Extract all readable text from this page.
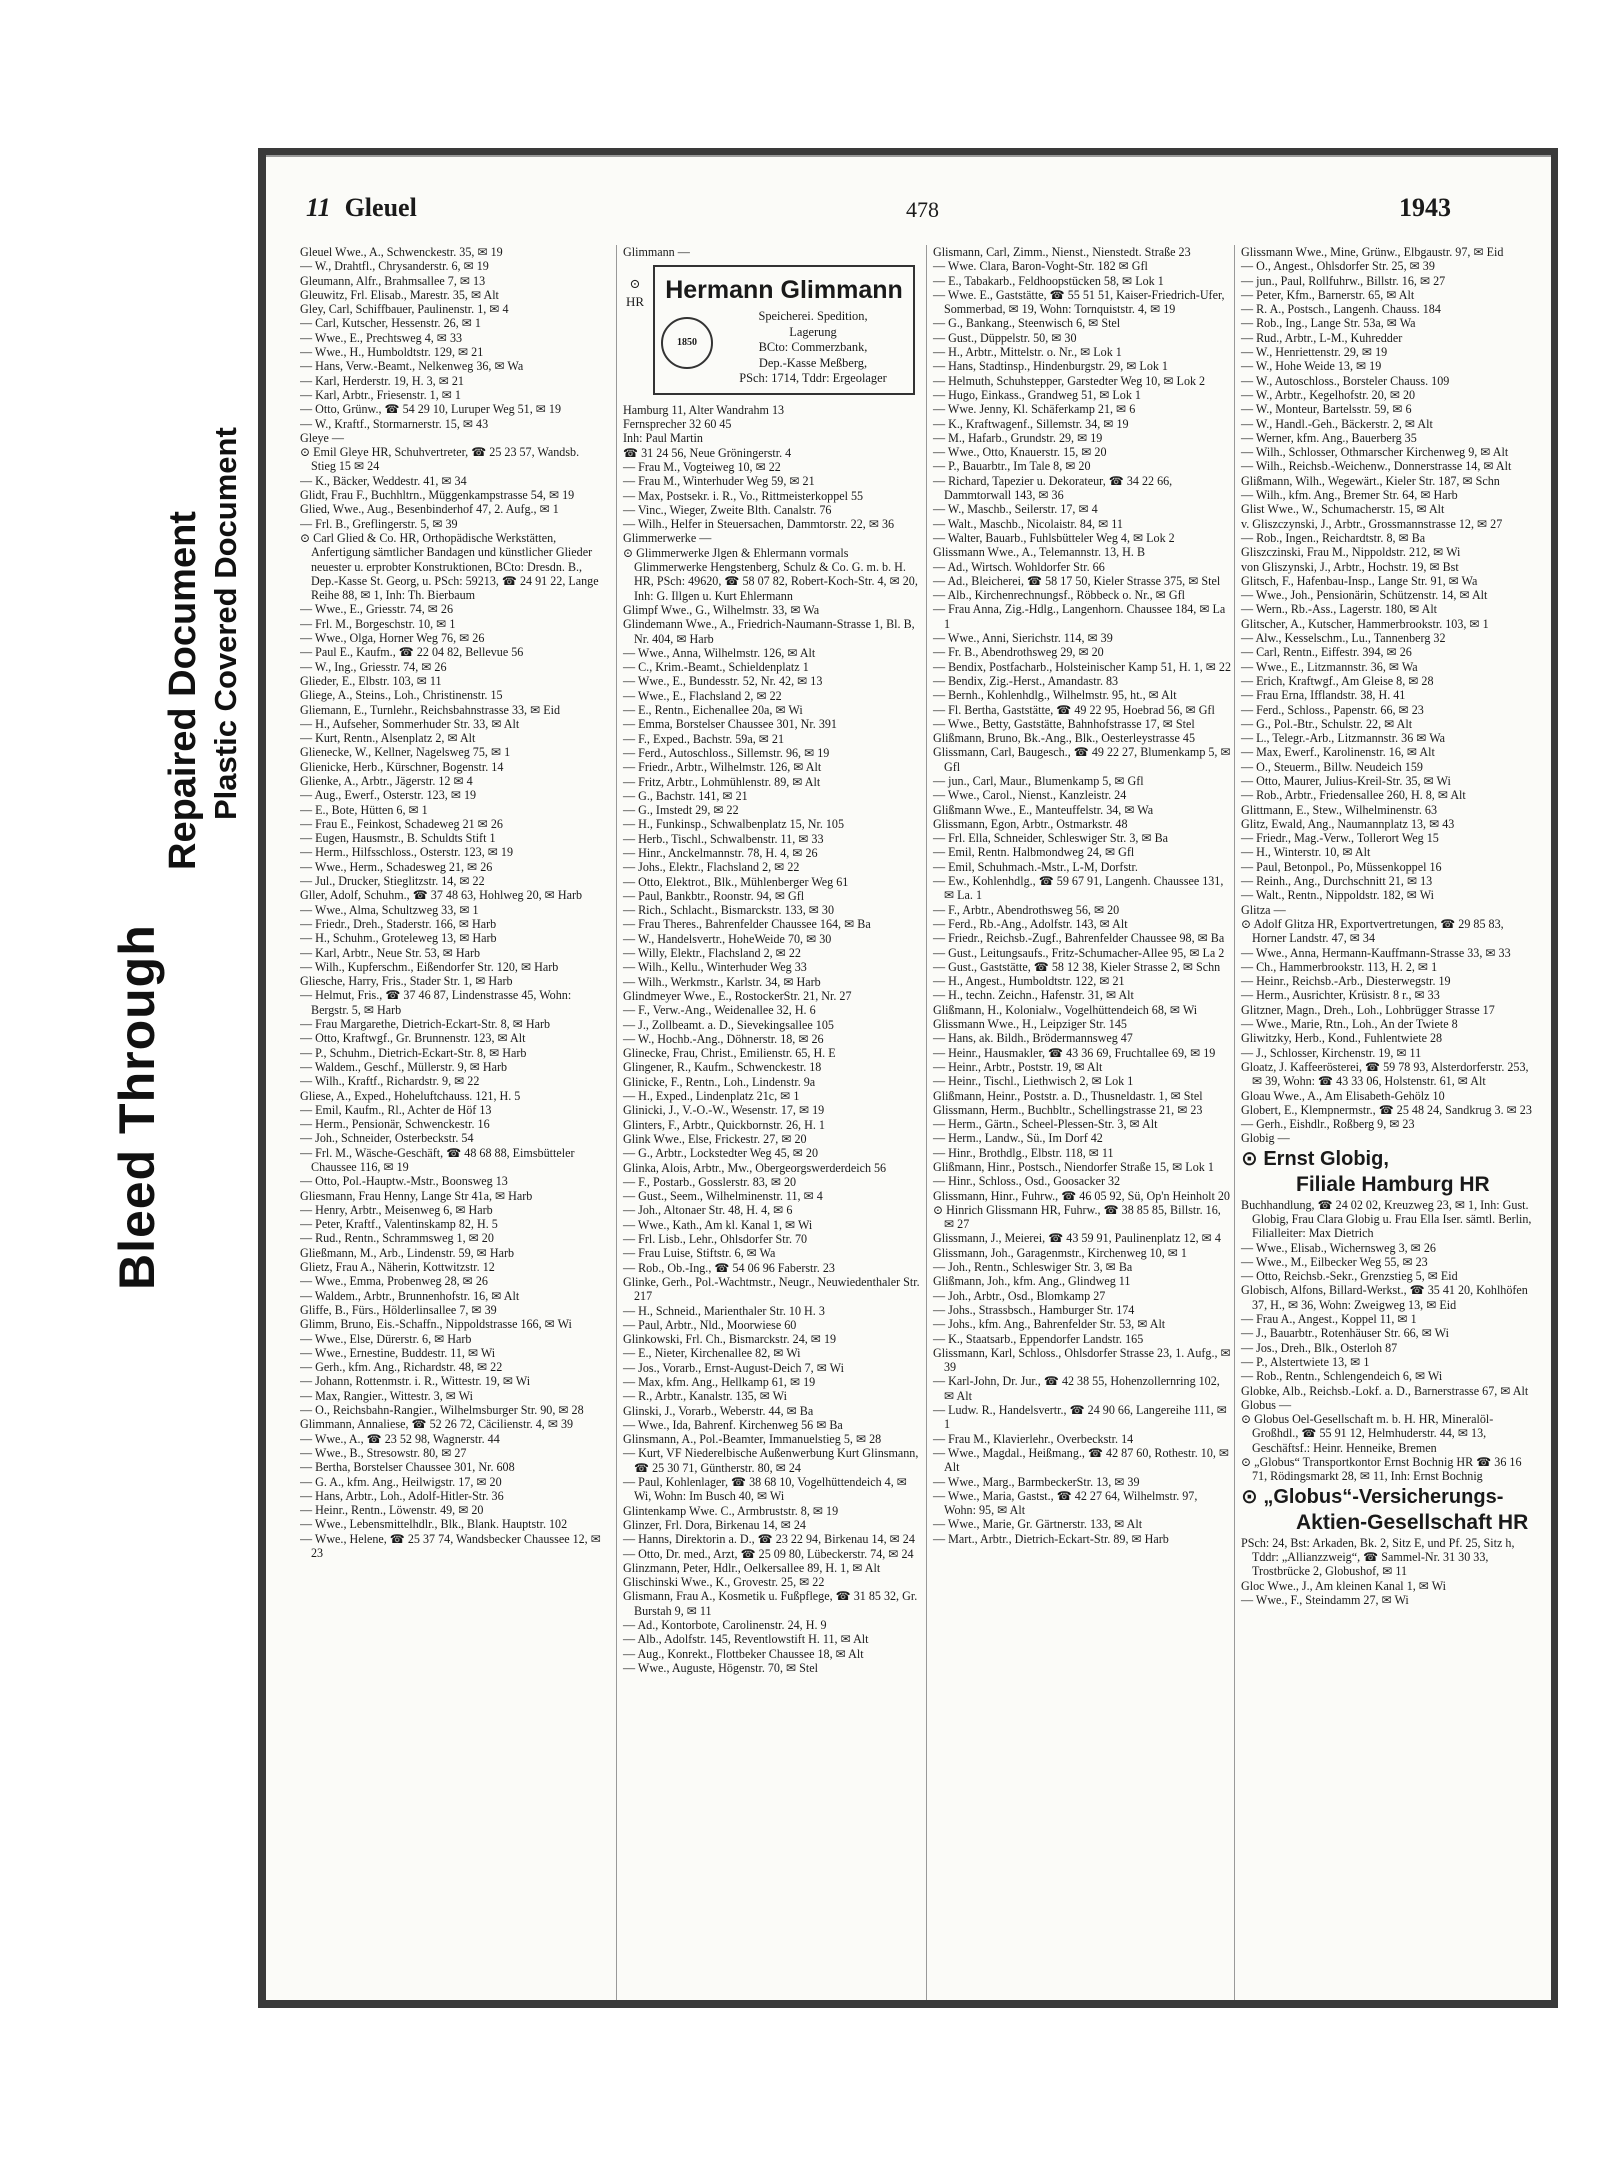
Bleed Through
Repaired Document Plastic Covered Document
11 Gleuel	478	1943

Gleuel Wwe., A., Schwenckestr. 35, ✉ 19

— W., Drahtfl., Chrysanderstr. 6, ✉ 19

Gleumann, Alfr., Brahmsallee 7, ✉ 13

Gleuwitz, Frl. Elisab., Marestr. 35, ✉ Alt

Gley, Carl, Schiffbauer, Paulinenstr. 1, ✉ 4

— Carl, Kutscher, Hessenstr. 26, ✉ 1

— Wwe., E., Prechtsweg 4, ✉ 33

— Wwe., H., Humboldtstr. 129, ✉ 21

— Hans, Verw.-Beamt., Nelkenweg 36, ✉ Wa

— Karl, Herderstr. 19, H. 3, ✉ 21

— Karl, Arbtr., Friesenstr. 1, ✉ 1

— Otto, Grünw., ☎ 54 29 10, Luruper Weg 51, ✉ 19

— W., Kraftf., Stormarnerstr. 15, ✉ 43

Gleye —

⊙ Emil Gleye HR, Schuhvertreter, ☎ 25 23 57, Wandsb. Stieg 15 ✉ 24

— K., Bäcker, Weddestr. 41, ✉ 34

Glidt, Frau F., Buchhltrn., Müggenkampstrasse 54, ✉ 19

Glied, Wwe., Aug., Besenbinderhof 47, 2. Aufg., ✉ 1

— Frl. B., Greflingerstr. 5, ✉ 39

⊙ Carl Glied & Co. HR, Orthopädische Werkstätten, Anfertigung sämtlicher Bandagen und künstlicher Glieder neuester u. erprobter Konstruktionen, BCto: Dresdn. B., Dep.-Kasse St. Georg, u. PSch: 59213, ☎ 24 91 22, Lange Reihe 88, ✉ 1, Inh: Th. Bierbaum

— Wwe., E., Griesstr. 74, ✉ 26

— Frl. M., Borgeschstr. 10, ✉ 1

— Wwe., Olga, Horner Weg 76, ✉ 26

— Paul E., Kaufm., ☎ 22 04 82, Bellevue 56

— W., Ing., Griesstr. 74, ✉ 26

Glieder, E., Elbstr. 103, ✉ 11

Gliege, A., Steins., Loh., Christinenstr. 15

Gliemann, E., Turnlehr., Reichsbahnstrasse 33, ✉ Eid

— H., Aufseher, Sommerhuder Str. 33, ✉ Alt

— Kurt, Rentn., Alsenplatz 2, ✉ Alt

Glienecke, W., Kellner, Nagelsweg 75, ✉ 1

Glienicke, Herb., Kürschner, Bogenstr. 14

Glienke, A., Arbtr., Jägerstr. 12 ✉ 4

— Aug., Ewerf., Osterstr. 123, ✉ 19

— E., Bote, Hütten 6, ✉ 1

— Frau E., Feinkost, Schadeweg 21 ✉ 26

— Eugen, Hausmstr., B. Schuldts Stift 1

— Herm., Hilfsschloss., Osterstr. 123, ✉ 19

— Wwe., Herm., Schadesweg 21, ✉ 26

— Jul., Drucker, Stieglitzstr. 14, ✉ 22

Gller, Adolf, Schuhm., ☎ 37 48 63, Hohlweg 20, ✉ Harb

— Wwe., Alma, Schultzweg 33, ✉ 1

— Friedr., Dreh., Staderstr. 166, ✉ Harb

— H., Schuhm., Groteleweg 13, ✉ Harb

— Karl, Arbtr., Neue Str. 53, ✉ Harb

— Wilh., Kupferschm., Eißendorfer Str. 120, ✉ Harb

Gliesche, Harry, Fris., Stader Str. 1, ✉ Harb

— Helmut, Fris., ☎ 37 46 87, Lindenstrasse 45, Wohn: Bergstr. 5, ✉ Harb

— Frau Margarethe, Dietrich-Eckart-Str. 8, ✉ Harb

— Otto, Kraftwgf., Gr. Brunnenstr. 123, ✉ Alt

— P., Schuhm., Dietrich-Eckart-Str. 8, ✉ Harb

— Waldem., Geschf., Müllerstr. 9, ✉ Harb

— Wilh., Kraftf., Richardstr. 9, ✉ 22

Gliese, A., Exped., Hoheluftchauss. 121, H. 5

— Emil, Kaufm., Rl., Achter de Höf 13

— Herm., Pensionär, Schwenckestr. 16

— Joh., Schneider, Osterbeckstr. 54

— Frl. M., Wäsche-Geschäft, ☎ 48 68 88, Eimsbütteler Chaussee 116, ✉ 19

— Otto, Pol.-Hauptw.-Mstr., Boonsweg 13

Gliesmann, Frau Henny, Lange Str 41a, ✉ Harb

— Henry, Arbtr., Meisenweg 6, ✉ Harb

— Peter, Kraftf., Valentinskamp 82, H. 5

— Rud., Rentn., Schrammsweg 1, ✉ 20

Gließmann, M., Arb., Lindenstr. 59, ✉ Harb

Glietz, Frau A., Näherin, Kottwitzstr. 12

— Wwe., Emma, Probenweg 28, ✉ 26

— Waldem., Arbtr., Brunnenhofstr. 16, ✉ Alt

Gliffe, B., Fürs., Hölderlinsallee 7, ✉ 39

Glimm, Bruno, Eis.-Schaffn., Nippoldstrasse 166, ✉ Wi

— Wwe., Else, Dürerstr. 6, ✉ Harb

— Wwe., Ernestine, Buddestr. 11, ✉ Wi

— Gerh., kfm. Ang., Richardstr. 48, ✉ 22

— Johann, Rottenmstr. i. R., Wittestr. 19, ✉ Wi

— Max, Rangier., Wittestr. 3, ✉ Wi

— O., Reichsbahn-Rangier., Wilhelmsburger Str. 90, ✉ 28

Glimmann, Annaliese, ☎ 52 26 72, Cäcilienstr. 4, ✉ 39

— Wwe., A., ☎ 23 52 98, Wagnerstr. 44

— Wwe., B., Stresowstr. 80, ✉ 27

— Bertha, Borstelser Chaussee 301, Nr. 608

— G. A., kfm. Ang., Heilwigstr. 17, ✉ 20

— Hans, Arbtr., Loh., Adolf-Hitler-Str. 36

— Heinr., Rentn., Löwenstr. 49, ✉ 20

— Wwe., Lebensmittelhdlr., Blk., Blank. Hauptstr. 102

— Wwe., Helene, ☎ 25 37 74, Wandsbecker Chaussee 12, ✉ 23

Glimmann —
⊙ HR Hermann Glimmann
1850
Speicherei. Spedition,
Lagerung
BCto: Commerzbank,
Dep.-Kasse Meßberg,
PSch: 1714, Tddr: Ergeolager

Hamburg 11, Alter Wandrahm 13

Fernsprecher 32 60 45

Inh: Paul Martin

☎ 31 24 56, Neue Gröningerstr. 4

— Frau M., Vogteiweg 10, ✉ 22

— Frau M., Winterhuder Weg 59, ✉ 21

— Max, Postsekr. i. R., Vo., Rittmeisterkoppel 55

— Vinc., Wieger, Zweite Blth. Canalstr. 76

— Wilh., Helfer in Steuersachen, Dammtorstr. 22, ✉ 36

Glimmerwerke —

⊙ Glimmerwerke Jlgen & Ehlermann vormals Glimmerwerke Hengstenberg, Schulz & Co. G. m. b. H. HR, PSch: 49620, ☎ 58 07 82, Robert-Koch-Str. 4, ✉ 20, Inh: G. Illgen u. Kurt Ehlermann

Glimpf Wwe., G., Wilhelmstr. 33, ✉ Wa

Glindemann Wwe., A., Friedrich-Naumann-Strasse 1, Bl. B, Nr. 404, ✉ Harb

— Wwe., Anna, Wilhelmstr. 126, ✉ Alt

— C., Krim.-Beamt., Schieldenplatz 1

— Wwe., E., Bundesstr. 52, Nr. 42, ✉ 13

— Wwe., E., Flachsland 2, ✉ 22

— E., Rentn., Eichenallee 20a, ✉ Wi

— Emma, Borstelser Chaussee 301, Nr. 391

— F., Exped., Bachstr. 59a, ✉ 21

— Ferd., Autoschloss., Sillemstr. 96, ✉ 19

— Friedr., Arbtr., Wilhelmstr. 126, ✉ Alt

— Fritz, Arbtr., Lohmühlenstr. 89, ✉ Alt

— G., Bachstr. 141, ✉ 21

— G., Imstedt 29, ✉ 22

— H., Funkinsp., Schwalbenplatz 15, Nr. 105

— Herb., Tischl., Schwalbenstr. 11, ✉ 33

— Hinr., Anckelmannstr. 78, H. 4, ✉ 26

— Johs., Elektr., Flachsland 2, ✉ 22

— Otto, Elektrot., Blk., Mühlenberger Weg 61

— Paul, Bankbtr., Roonstr. 94, ✉ Gfl

— Rich., Schlacht., Bismarckstr. 133, ✉ 30

— Frau Theres., Bahrenfelder Chaussee 164, ✉ Ba

— W., Handelsvertr., HoheWeide 70, ✉ 30

— Willy, Elektr., Flachsland 2, ✉ 22

— Wilh., Kellu., Winterhuder Weg 33

— Wilh., Werkmstr., Karlstr. 34, ✉ Harb

Glindmeyer Wwe., E., RostockerStr. 21, Nr. 27

— F., Verw.-Ang., Weidenallee 32, H. 6

— J., Zollbeamt. a. D., Sievekingsallee 105

— W., Hochb.-Ang., Döhnerstr. 18, ✉ 26

Glinecke, Frau, Christ., Emilienstr. 65, H. E

Glingener, R., Kaufm., Schwenckestr. 18

Glinicke, F., Rentn., Loh., Lindenstr. 9a

— H., Exped., Lindenplatz 21c, ✉ 1

Glinicki, J., V.-O.-W., Wesenstr. 17, ✉ 19

Glinters, F., Arbtr., Quickbornstr. 26, H. 1

Glink Wwe., Else, Frickestr. 27, ✉ 20

— G., Arbtr., Lockstedter Weg 45, ✉ 20

Glinka, Alois, Arbtr., Mw., Obergeorgswerderdeich 56

— F., Postarb., Gosslerstr. 83, ✉ 20

— Gust., Seem., Wilhelminenstr. 11, ✉ 4

— Joh., Altonaer Str. 48, H. 4, ✉ 6

— Wwe., Kath., Am kl. Kanal 1, ✉ Wi

— Frl. Lisb., Lehr., Ohlsdorfer Str. 70

— Frau Luise, Stiftstr. 6, ✉ Wa

— Rob., Ob.-Ing., ☎ 54 06 96 Faberstr. 23

Glinke, Gerh., Pol.-Wachtmstr., Neugr., Neuwiedenthaler Str. 217

— H., Schneid., Marienthaler Str. 10 H. 3

— Paul, Arbtr., Nld., Moorwiese 60

Glinkowski, Frl. Ch., Bismarckstr. 24, ✉ 19

— E., Nieter, Kirchenallee 82, ✉ Wi

— Jos., Vorarb., Ernst-August-Deich 7, ✉ Wi

— Max, kfm. Ang., Hellkamp 61, ✉ 19

— R., Arbtr., Kanalstr. 135, ✉ Wi

Glinski, J., Vorarb., Weberstr. 44, ✉ Ba

— Wwe., Ida, Bahrenf. Kirchenweg 56 ✉ Ba

Glinsmann, A., Pol.-Beamter, Immanuelstieg 5, ✉ 28

— Kurt, VF Niederelbische Außenwerbung Kurt Glinsmann, ☎ 25 30 71, Güntherstr. 80, ✉ 24

— Paul, Kohlenlager, ☎ 38 68 10, Vogelhüttendeich 4, ✉ Wi, Wohn: Im Busch 40, ✉ Wi

Glintenkamp Wwe. C., Armbruststr. 8, ✉ 19

Glinzer, Frl. Dora, Birkenau 14, ✉ 24

— Hanns, Direktorin a. D., ☎ 23 22 94, Birkenau 14, ✉ 24

— Otto, Dr. med., Arzt, ☎ 25 09 80, Lübeckerstr. 74, ✉ 24

Glinzmann, Peter, Hdlr., Oelkersallee 89, H. 1, ✉ Alt

Glischinski Wwe., K., Grovestr. 25, ✉ 22

Glismann, Frau A., Kosmetik u. Fußpflege, ☎ 31 85 32, Gr. Burstah 9, ✉ 11

— Ad., Kontorbote, Carolinenstr. 24, H. 9

— Alb., Adolfstr. 145, Reventlowstift H. 11, ✉ Alt

— Aug., Konrekt., Flottbeker Chaussee 18, ✉ Alt

— Wwe., Auguste, Högenstr. 70, ✉ Stel

Glismann, Carl, Zimm., Nienst., Nienstedt. Straße 23

— Wwe. Clara, Baron-Voght-Str. 182 ✉ Gfl

— E., Tabakarb., Feldhoopstücken 58, ✉ Lok 1

— Wwe. E., Gaststätte, ☎ 55 51 51, Kaiser-Friedrich-Ufer, Sommerbad, ✉ 19, Wohn: Tornquiststr. 4, ✉ 19

— G., Bankang., Steenwisch 6, ✉ Stel

— Gust., Düppelstr. 50, ✉ 30

— H., Arbtr., Mittelstr. o. Nr., ✉ Lok 1

— Hans, Stadtinsp., Hindenburgstr. 29, ✉ Lok 1

— Helmuth, Schuhstepper, Garstedter Weg 10, ✉ Lok 2

— Hugo, Einkass., Grandweg 51, ✉ Lok 1

— Wwe. Jenny, Kl. Schäferkamp 21, ✉ 6

— K., Kraftwagenf., Sillemstr. 34, ✉ 19

— M., Hafarb., Grundstr. 29, ✉ 19

— Wwe., Otto, Knauerstr. 15, ✉ 20

— P., Bauarbtr., Im Tale 8, ✉ 20

— Richard, Tapezier u. Dekorateur, ☎ 34 22 66, Dammtorwall 143, ✉ 36

— W., Maschb., Seilerstr. 17, ✉ 4

— Walt., Maschb., Nicolaistr. 84, ✉ 11

— Walter, Bauarb., Fuhlsbütteler Weg 4, ✉ Lok 2

Glissmann Wwe., A., Telemannstr. 13, H. B

— Ad., Wirtsch. Wohldorfer Str. 66

— Ad., Bleicherei, ☎ 58 17 50, Kieler Strasse 375, ✉ Stel

— Alb., Kirchenrechnungsf., Röbbeck o. Nr., ✉ Gfl

— Frau Anna, Zig.-Hdlg., Langenhorn. Chaussee 184, ✉ La 1

— Wwe., Anni, Sierichstr. 114, ✉ 39

— Fr. B., Abendrothsweg 29, ✉ 20

— Bendix, Postfacharb., Holsteinischer Kamp 51, H. 1, ✉ 22

— Bendix, Zig.-Herst., Amandastr. 83

— Bernh., Kohlenhdlg., Wilhelmstr. 95, ht., ✉ Alt

— Fl. Bertha, Gaststätte, ☎ 49 22 95, Hoebrad 56, ✉ Gfl

— Wwe., Betty, Gaststätte, Bahnhofstrasse 17, ✉ Stel

Glißmann, Bruno, Bk.-Ang., Blk., Oesterleystrasse 45

Glissmann, Carl, Baugesch., ☎ 49 22 27, Blumenkamp 5, ✉ Gfl

— jun., Carl, Maur., Blumenkamp 5, ✉ Gfl

— Wwe., Carol., Nienst., Kanzleistr. 24

Glißmann Wwe., E., Manteuffelstr. 34, ✉ Wa

Glissmann, Egon, Arbtr., Ostmarkstr. 48

— Frl. Ella, Schneider, Schleswiger Str. 3, ✉ Ba

— Emil, Rentn. Halbmondweg 24, ✉ Gfl

— Emil, Schuhmach.-Mstr., L-M, Dorfstr.

— Ew., Kohlenhdlg., ☎ 59 67 91, Langenh. Chaussee 131, ✉ La. 1

— F., Arbtr., Abendrothsweg 56, ✉ 20

— Ferd., Rb.-Ang., Adolfstr. 143, ✉ Alt

— Friedr., Reichsb.-Zugf., Bahrenfelder Chaussee 98, ✉ Ba

— Gust., Leitungsaufs., Fritz-Schumacher-Allee 95, ✉ La 2

— Gust., Gaststätte, ☎ 58 12 38, Kieler Strasse 2, ✉ Schn

— H., Angest., Humboldtstr. 122, ✉ 21

— H., techn. Zeichn., Hafenstr. 31, ✉ Alt

Glißmann, H., Kolonialw., Vogelhüttendeich 68, ✉ Wi

Glissmann Wwe., H., Leipziger Str. 145

— Hans, ak. Bildh., Brödermannsweg 47

— Heinr., Hausmakler, ☎ 43 36 69, Fruchtallee 69, ✉ 19

— Heinr., Arbtr., Poststr. 19, ✉ Alt

— Heinr., Tischl., Liethwisch 2, ✉ Lok 1

Glißmann, Heinr., Poststr. a. D., Thusneldastr. 1, ✉ Stel

Glissmann, Herm., Buchbltr., Schellingstrasse 21, ✉ 23

— Herm., Gärtn., Scheel-Plessen-Str. 3, ✉ Alt

— Herm., Landw., Sü., Im Dorf 42

— Hinr., Brothdlg., Elbstr. 118, ✉ 11

Glißmann, Hinr., Postsch., Niendorfer Straße 15, ✉ Lok 1

— Hinr., Schloss., Osd., Goosacker 32

Glissmann, Hinr., Fuhrw., ☎ 46 05 92, Sü, Op'n Heinholt 20

⊙ Hinrich Glissmann HR, Fuhrw., ☎ 38 85 85, Billstr. 16, ✉ 27

Glissmann, J., Meierei, ☎ 43 59 91, Paulinenplatz 12, ✉ 4

Glissmann, Joh., Garagenmstr., Kirchenweg 10, ✉ 1

— Joh., Rentn., Schleswiger Str. 3, ✉ Ba

Glißmann, Joh., kfm. Ang., Glindweg 11

— Joh., Arbtr., Osd., Blomkamp 27

— Johs., Strassbsch., Hamburger Str. 174

— Johs., kfm. Ang., Bahrenfelder Str. 53, ✉ Alt

— K., Staatsarb., Eppendorfer Landstr. 165

Glissmann, Karl, Schloss., Ohlsdorfer Strasse 23, 1. Aufg., ✉ 39

— Karl-John, Dr. Jur., ☎ 42 38 55, Hohenzollernring 102, ✉ Alt

— Ludw. R., Handelsvertr., ☎ 24 90 66, Langereihe 111, ✉ 1

— Frau M., Klavierlehr., Overbeckstr. 14

— Wwe., Magdal., Heißmang., ☎ 42 87 60, Rothestr. 10, ✉ Alt

— Wwe., Marg., BarmbeckerStr. 13, ✉ 39

— Wwe., Maria, Gastst., ☎ 42 27 64, Wilhelmstr. 97, Wohn: 95, ✉ Alt

— Wwe., Marie, Gr. Gärtnerstr. 133, ✉ Alt

— Mart., Arbtr., Dietrich-Eckart-Str. 89, ✉ Harb

Glissmann Wwe., Mine, Grünw., Elbgaustr. 97, ✉ Eid

— O., Angest., Ohlsdorfer Str. 25, ✉ 39

— jun., Paul, Rollfuhrw., Billstr. 16, ✉ 27

— Peter, Kfm., Barnerstr. 65, ✉ Alt

— R. A., Postsch., Langenh. Chauss. 184

— Rob., Ing., Lange Str. 53a, ✉ Wa

— Rud., Arbtr., L-M., Kuhredder

— W., Henriettenstr. 29, ✉ 19

— W., Hohe Weide 13, ✉ 19

— W., Autoschloss., Borsteler Chauss. 109

— W., Arbtr., Kegelhofstr. 20, ✉ 20

— W., Monteur, Bartelsstr. 59, ✉ 6

— W., Handl.-Geh., Bäckerstr. 2, ✉ Alt

— Werner, kfm. Ang., Bauerberg 35

— Wilh., Schlosser, Othmarscher Kirchenweg 9, ✉ Alt

— Wilh., Reichsb.-Weichenw., Donnerstrasse 14, ✉ Alt

Glißmann, Wilh., Wegewärt., Kieler Str. 187, ✉ Schn

— Wilh., kfm. Ang., Bremer Str. 64, ✉ Harb

Glist Wwe., W., Schumacherstr. 15, ✉ Alt

v. Gliszczynski, J., Arbtr., Grossmannstrasse 12, ✉ 27

— Rob., Ingen., Reichardtstr. 8, ✉ Ba

Gliszczinski, Frau M., Nippoldstr. 212, ✉ Wi

von Gliszynski, J., Arbtr., Hochstr. 19, ✉ Bst

Glitsch, F., Hafenbau-Insp., Lange Str. 91, ✉ Wa

— Wwe., Joh., Pensionärin, Schützenstr. 14, ✉ Alt

— Wern., Rb.-Ass., Lagerstr. 180, ✉ Alt

Glitscher, A., Kutscher, Hammerbrookstr. 103, ✉ 1

— Alw., Kesselschm., Lu., Tannenberg 32

— Carl, Rentn., Eiffestr. 394, ✉ 26

— Wwe., E., Litzmannstr. 36, ✉ Wa

— Erich, Kraftwgf., Am Gleise 8, ✉ 28

— Frau Erna, Ifflandstr. 38, H. 41

— Ferd., Schloss., Papenstr. 66, ✉ 23

— G., Pol.-Btr., Schulstr. 22, ✉ Alt

— L., Telegr.-Arb., Litzmannstr. 36 ✉ Wa

— Max, Ewerf., Karolinenstr. 16, ✉ Alt

— O., Steuerm., Billw. Neudeich 159

— Otto, Maurer, Julius-Kreil-Str. 35, ✉ Wi

— Rob., Arbtr., Friedensallee 260, H. 8, ✉ Alt

Glittmann, E., Stew., Wilhelminenstr. 63

Glitz, Ewald, Ang., Naumannplatz 13, ✉ 43

— Friedr., Mag.-Verw., Tollerort Weg 15

— H., Winterstr. 10, ✉ Alt

— Paul, Betonpol., Po, Müssenkoppel 16

— Reinh., Ang., Durchschnitt 21, ✉ 13

— Walt., Rentn., Nippoldstr. 182, ✉ Wi

Glitza —

⊙ Adolf Glitza HR, Exportvertretungen, ☎ 29 85 83, Horner Landstr. 47, ✉ 34

— Wwe., Anna, Hermann-Kauffmann-Strasse 33, ✉ 33

— Ch., Hammerbrookstr. 113, H. 2, ✉ 1

— Heinr., Reichsb.-Arb., Diesterwegstr. 19

— Herm., Ausrichter, Krüsistr. 8 r., ✉ 33

Glitzner, Magn., Dreh., Loh., Lohbrügger Strasse 17

— Wwe., Marie, Rtn., Loh., An der Twiete 8

Gliwitzky, Herb., Kond., Fuhlentwiete 28

— J., Schlosser, Kirchenstr. 19, ✉ 11

Gloatz, J. Kaffeerösterei, ☎ 59 78 93, Alsterdorferstr. 253, ✉ 39, Wohn: ☎ 43 33 06, Holstenstr. 61, ✉ Alt

Gloau Wwe., A., Am Elisabeth-Gehölz 10

Globert, E., Klempnermstr., ☎ 25 48 24, Sandkrug 3. ✉ 23

— Gerh., Eishdlr., Roßberg 9, ✉ 23

Globig —

⊙ Ernst Globig,
Filiale Hamburg HR

Buchhandlung, ☎ 24 02 02, Kreuzweg 23, ✉ 1, Inh: Gust. Globig, Frau Clara Globig u. Frau Ella Iser. sämtl. Berlin, Filialleiter: Max Dietrich

— Wwe., Elisab., Wichernsweg 3, ✉ 26

— Wwe., M., Eilbecker Weg 55, ✉ 23

— Otto, Reichsb.-Sekr., Grenzstieg 5, ✉ Eid

Globisch, Alfons, Billard-Werkst., ☎ 35 41 20, Kohlhöfen 37, H., ✉ 36, Wohn: Zweigweg 13, ✉ Eid

— Frau A., Angest., Koppel 11, ✉ 1

— J., Bauarbtr., Rotenhäuser Str. 66, ✉ Wi

— Jos., Dreh., Blk., Osterloh 87

— P., Alstertwiete 13, ✉ 1

— Rob., Rentn., Schlengendeich 6, ✉ Wi

Globke, Alb., Reichsb.-Lokf. a. D., Barnerstrasse 67, ✉ Alt

Globus —

⊙ Globus Oel-Gesellschaft m. b. H. HR, Mineralöl-Großhdl., ☎ 55 91 12, Helmhuderstr. 44, ✉ 13, Geschäftsf.: Heinr. Henneike, Bremen

⊙ „Globus“ Transportkontor Ernst Bochnig HR ☎ 36 16 71, Rödingsmarkt 28, ✉ 11, Inh: Ernst Bochnig

⊙ „Globus“-Versicherungs-
Aktien-Gesellschaft HR

PSch: 24, Bst: Arkaden, Bk. 2, Sitz E, und Pf. 25, Sitz h, Tddr: „Allianzzweig“, ☎ Sammel-Nr. 31 30 33, Trostbrücke 2, Globushof, ✉ 11

Gloc Wwe., J., Am kleinen Kanal 1, ✉ Wi

— Wwe., F., Steindamm 27, ✉ Wi
